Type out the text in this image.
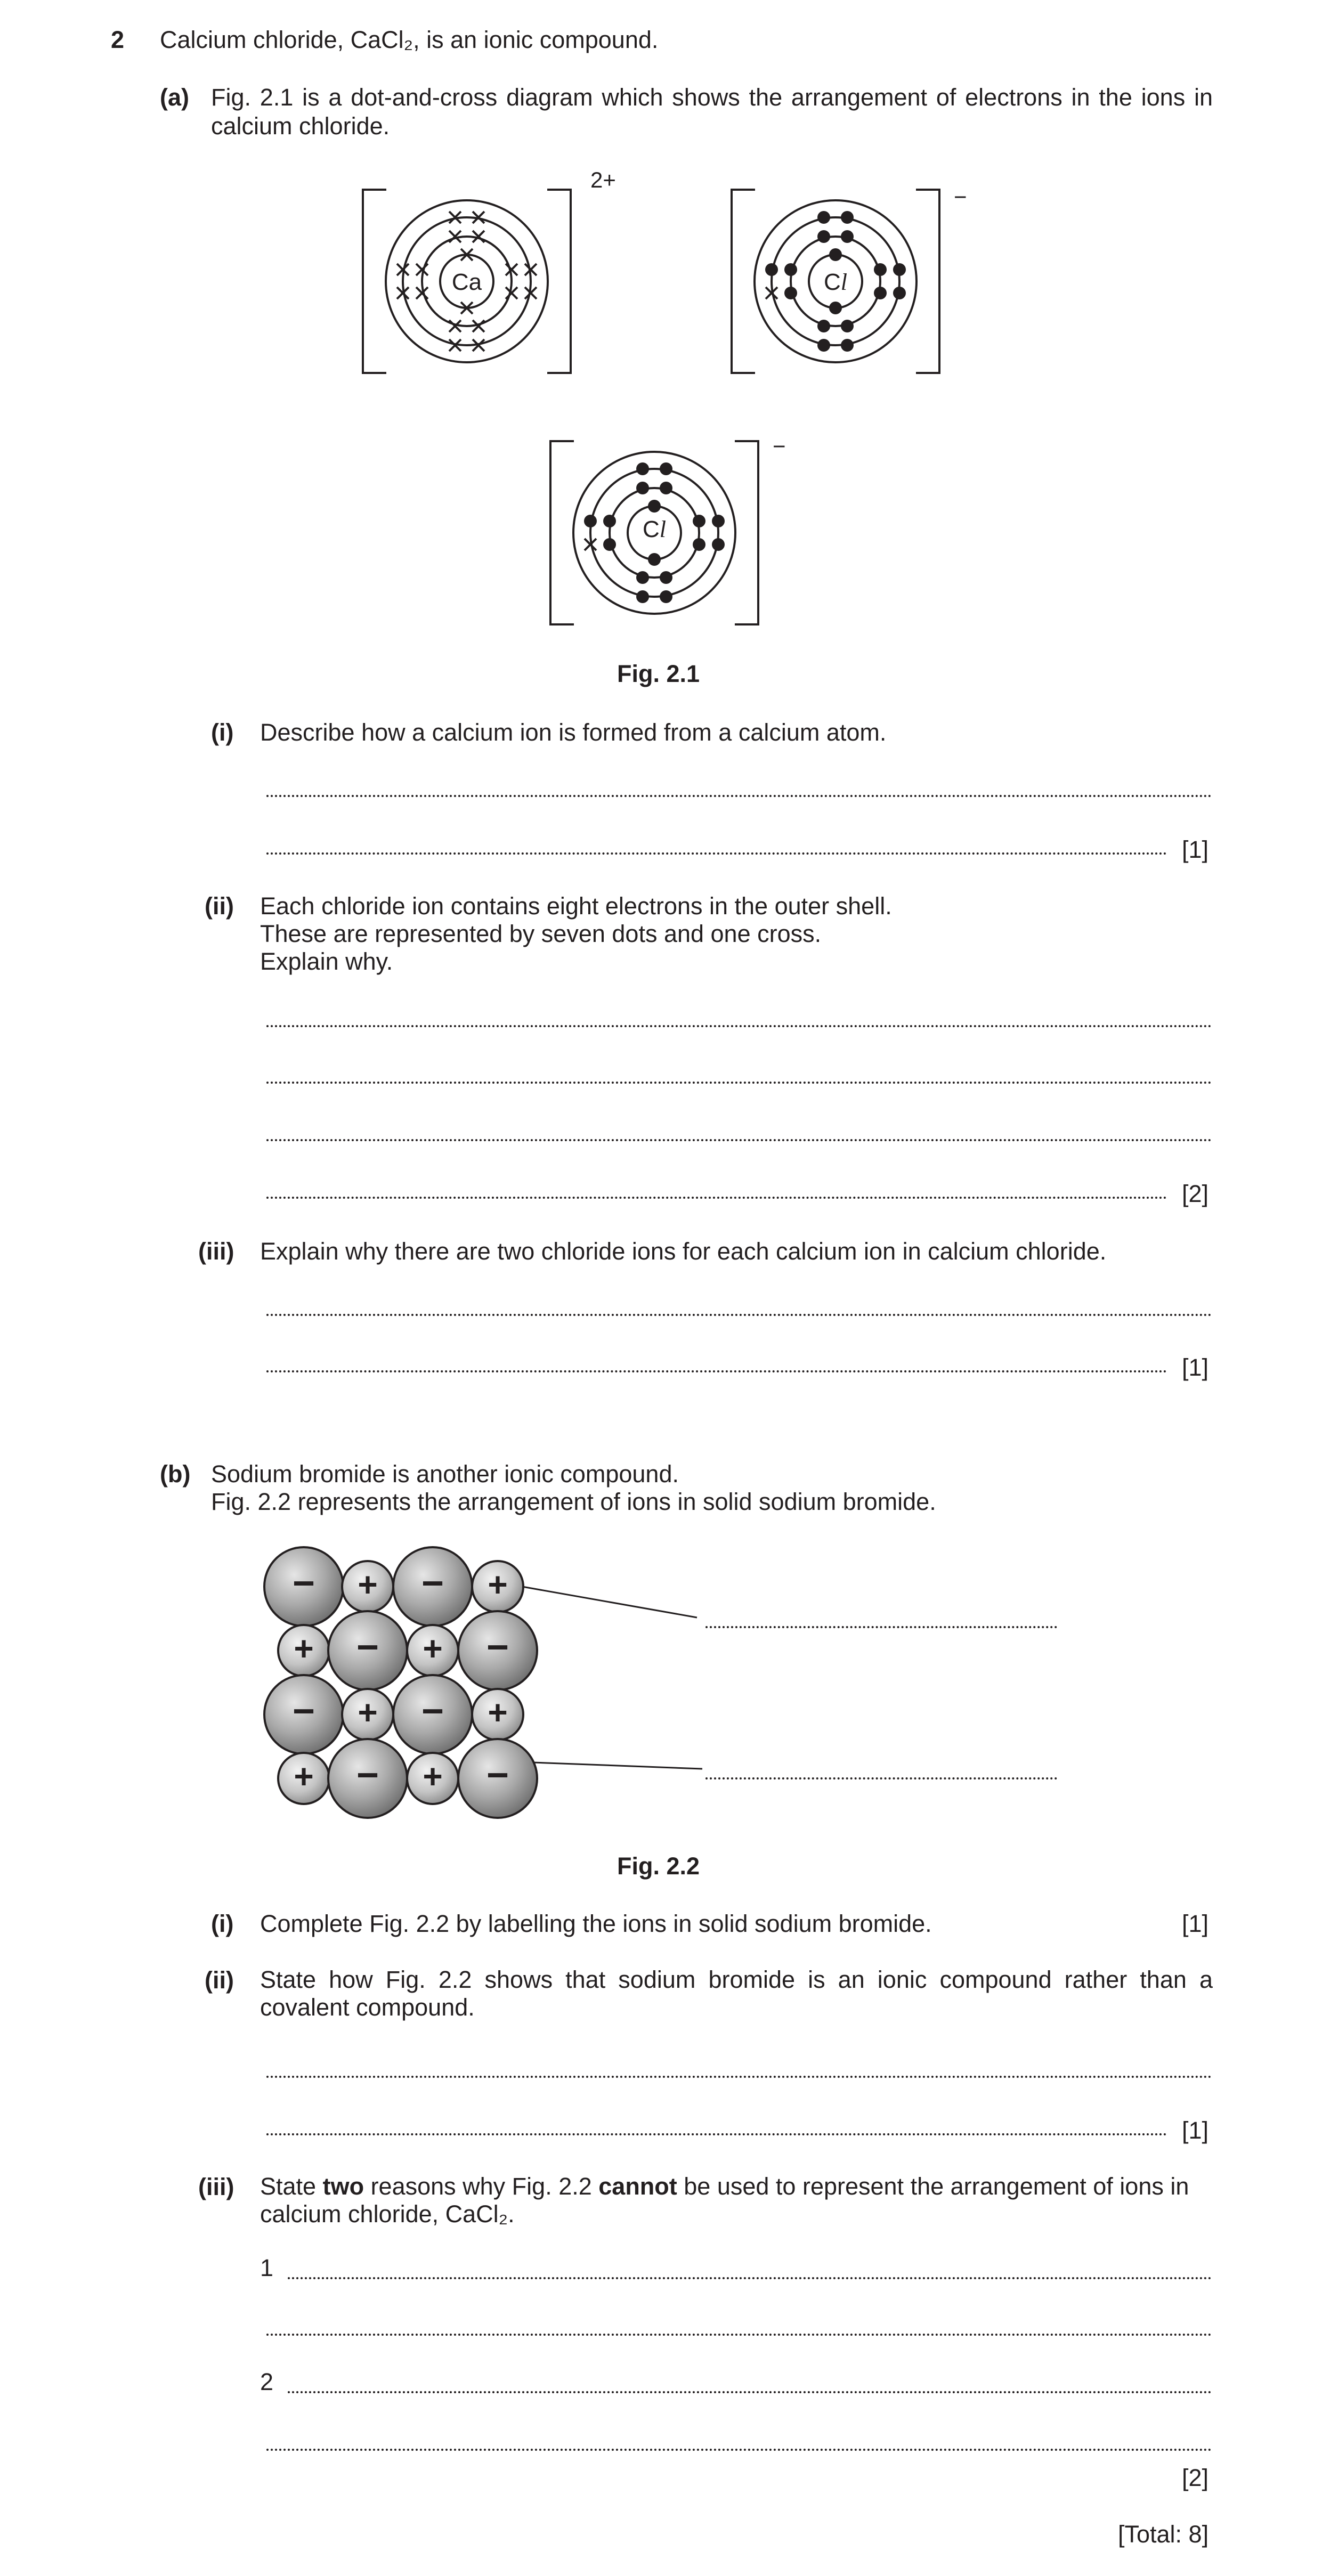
2 Calcium chloride, CaCl₂, is an ionic compound.
(a) Fig. 2.1 is a dot-and-cross diagram which shows the arrangement of electrons in the ions in calcium chloride.
Ca
2+
Cl
−
Cl
−
Fig. 2.1
(i) Describe how a calcium ion is formed from a calcium atom.
[1]
(ii) Each chloride ion contains eight electrons in the outer shell.
These are represented by seven dots and one cross.
Explain why.
[2]
(iii) Explain why there are two chloride ions for each calcium ion in calcium chloride.
[1]
(b) Sodium bromide is another ionic compound.
Fig. 2.2 represents the arrangement of ions in solid sodium bromide.
− + − +
+ − + −
− + − +
+ − + −
Fig. 2.2
(i) Complete Fig. 2.2 by labelling the ions in solid sodium bromide.	[1]
(ii) State how Fig. 2.2 shows that sodium bromide is an ionic compound rather than a covalent compound.
[1]
(iii) State two reasons why Fig. 2.2 cannot be used to represent the arrangement of ions in calcium chloride, CaCl₂.
1
2
[2]
[Total: 8]
